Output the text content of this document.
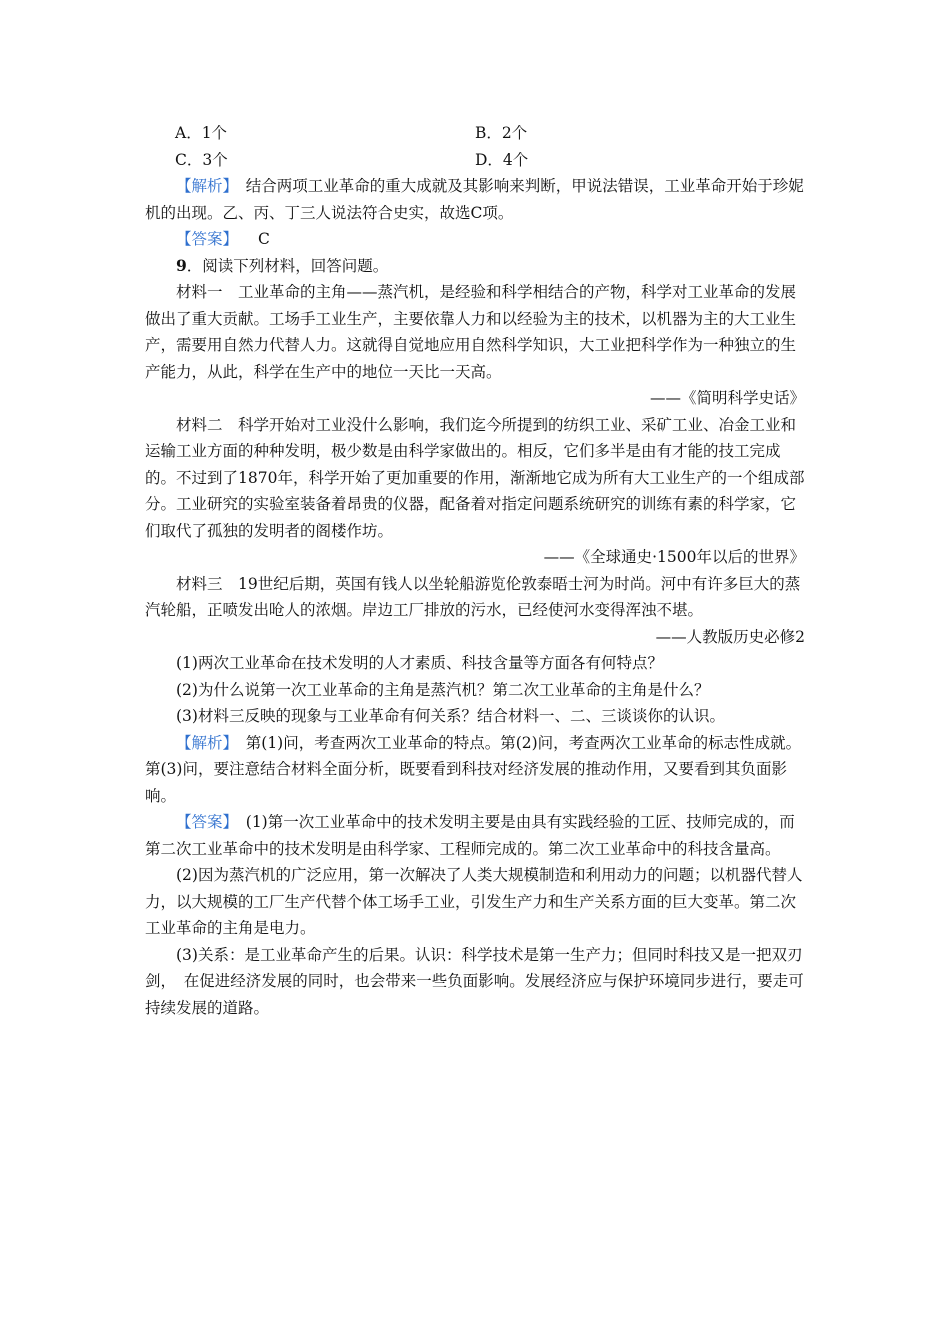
A．1个	B．2个
C．3个	D．4个

【解析】　结合两项工业革命的重大成就及其影响来判断，甲说法错误，工业革命开始于珍妮机的出现。乙、丙、丁三人说法符合史实，故选C项。

【答案】 C

9．阅读下列材料，回答问题。

材料一　工业革命的主角——蒸汽机，是经验和科学相结合的产物，科学对工业革命的发展做出了重大贡献。工场手工业生产，主要依靠人力和以经验为主的技术，以机器为主的大工业生产，需要用自然力代替人力。这就得自觉地应用自然科学知识，大工业把科学作为一种独立的生产能力，从此，科学在生产中的地位一天比一天高。

——《简明科学史话》

材料二　科学开始对工业没什么影响，我们迄今所提到的纺织工业、采矿工业、冶金工业和运输工业方面的种种发明，极少数是由科学家做出的。相反，它们多半是由有才能的技工完成的。不过到了1870年，科学开始了更加重要的作用，渐渐地它成为所有大工业生产的一个组成部分。工业研究的实验室装备着昂贵的仪器，配备着对指定问题系统研究的训练有素的科学家，它们取代了孤独的发明者的阁楼作坊。

——《全球通史·1500年以后的世界》

材料三　19世纪后期，英国有钱人以坐轮船游览伦敦泰晤士河为时尚。河中有许多巨大的蒸汽轮船，正喷发出呛人的浓烟。岸边工厂排放的污水，已经使河水变得浑浊不堪。

——人教版历史必修2

(1)两次工业革命在技术发明的人才素质、科技含量等方面各有何特点？

(2)为什么说第一次工业革命的主角是蒸汽机？第二次工业革命的主角是什么？

(3)材料三反映的现象与工业革命有何关系？结合材料一、二、三谈谈你的认识。

【解析】　第(1)问，考查两次工业革命的特点。第(2)问，考查两次工业革命的标志性成就。第(3)问，要注意结合材料全面分析，既要看到科技对经济发展的推动作用，又要看到其负面影响。

【答案】　(1)第一次工业革命中的技术发明主要是由具有实践经验的工匠、技师完成的，而第二次工业革命中的技术发明是由科学家、工程师完成的。第二次工业革命中的科技含量高。

(2)因为蒸汽机的广泛应用，第一次解决了人类大规模制造和利用动力的问题；以机器代替人力，以大规模的工厂生产代替个体工场手工业，引发生产力和生产关系方面的巨大变革。第二次工业革命的主角是电力。

(3)关系：是工业革命产生的后果。认识：科学技术是第一生产力；但同时科技又是一把双刃剑，　在促进经济发展的同时，也会带来一些负面影响。发展经济应与保护环境同步进行，要走可持续发展的道路。
